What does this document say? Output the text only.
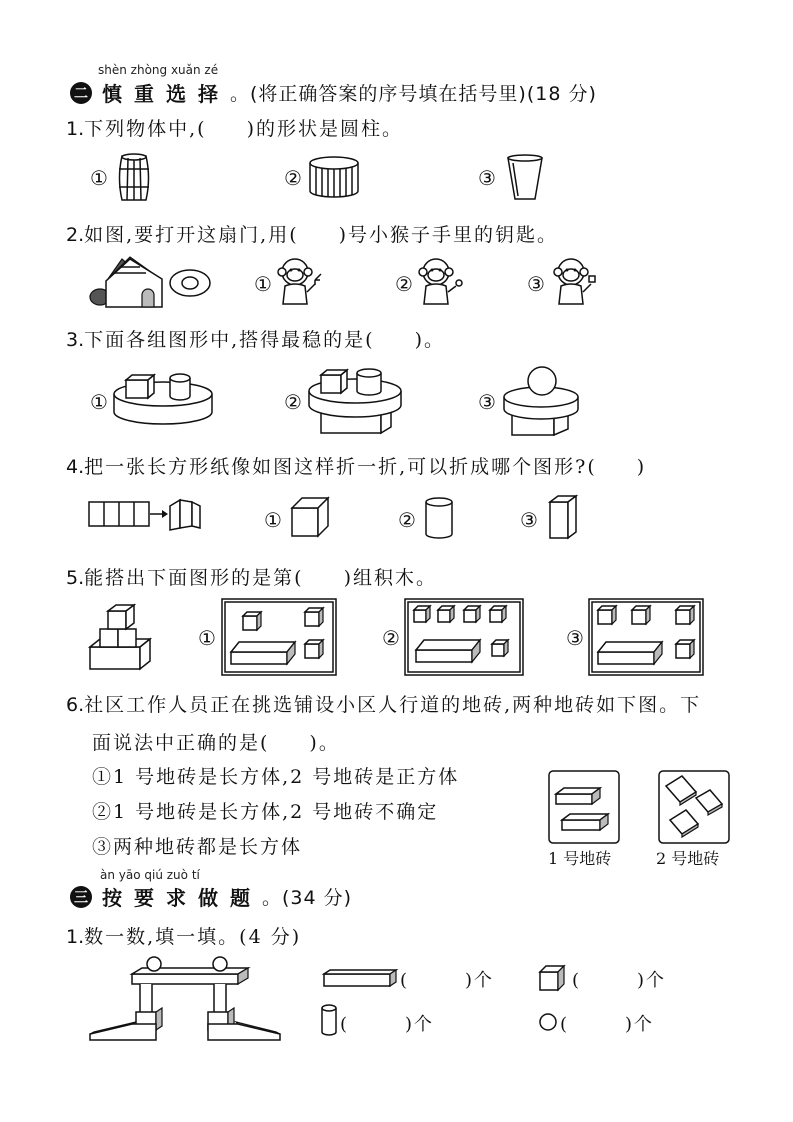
shèn zhòng xuǎn zé
二 慎重选择 。(将正确答案的序号填在括号里)(18 分)
1.下列物体中,( )的形状是圆柱。
①	②	③
2.如图,要打开这扇门,用( )号小猴子手里的钥匙。
①	②	③
3.下面各组图形中,搭得最稳的是( )。
①	②	③
4.把一张长方形纸像如图这样折一折,可以折成哪个图形?( )
①	②	③
5.能搭出下面图形的是第( )组积木。
①	②	③
6.社区工作人员正在挑选铺设小区人行道的地砖,两种地砖如下图。下
面说法中正确的是( )。
①1 号地砖是长方体,2 号地砖是正方体
②1 号地砖是长方体,2 号地砖不确定
③两种地砖都是长方体
1 号地砖	2 号地砖
àn yāo qiú zuò tí
三 按要求做题 。(34 分)
1.数一数,填一填。(4 分)
(	)个	(	)个
(	)个	(	)个
